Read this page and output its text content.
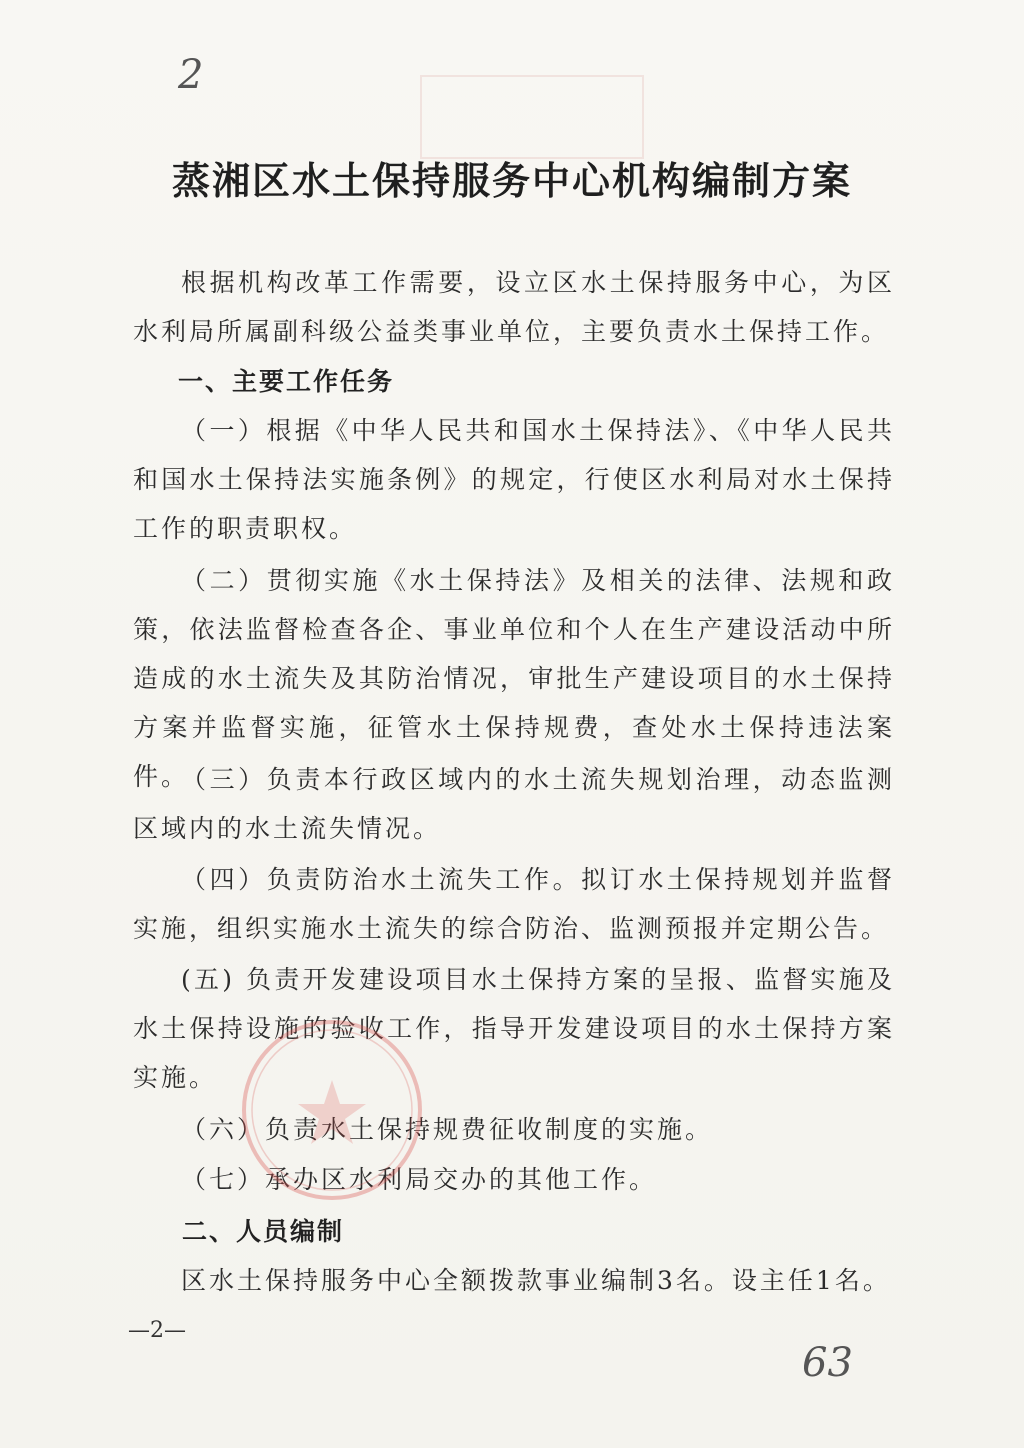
2
蒸湘区水土保持服务中心机构编制方案
根据机构改革工作需要，设立区水土保持服务中心，为区水利局所属副科级公益类事业单位，主要负责水土保持工作。
一、主要工作任务
（一）根据《中华人民共和国水土保持法》、《中华人民共和国水土保持法实施条例》的规定，行使区水利局对水土保持工作的职责职权。
（二）贯彻实施《水土保持法》及相关的法律、法规和政策，依法监督检查各企、事业单位和个人在生产建设活动中所造成的水土流失及其防治情况，审批生产建设项目的水土保持方案并监督实施，征管水土保持规费，查处水土保持违法案件。
（三）负责本行政区域内的水土流失规划治理，动态监测区域内的水土流失情况。
（四）负责防治水土流失工作。拟订水土保持规划并监督实施，组织实施水土流失的综合防治、监测预报并定期公告。
(五) 负责开发建设项目水土保持方案的呈报、监督实施及水土保持设施的验收工作，指导开发建设项目的水土保持方案实施。
（六）负责水土保持规费征收制度的实施。
（七）承办区水利局交办的其他工作。
二、人员编制
区水土保持服务中心全额拨款事业编制3名。设主任1名。
—2—
63
